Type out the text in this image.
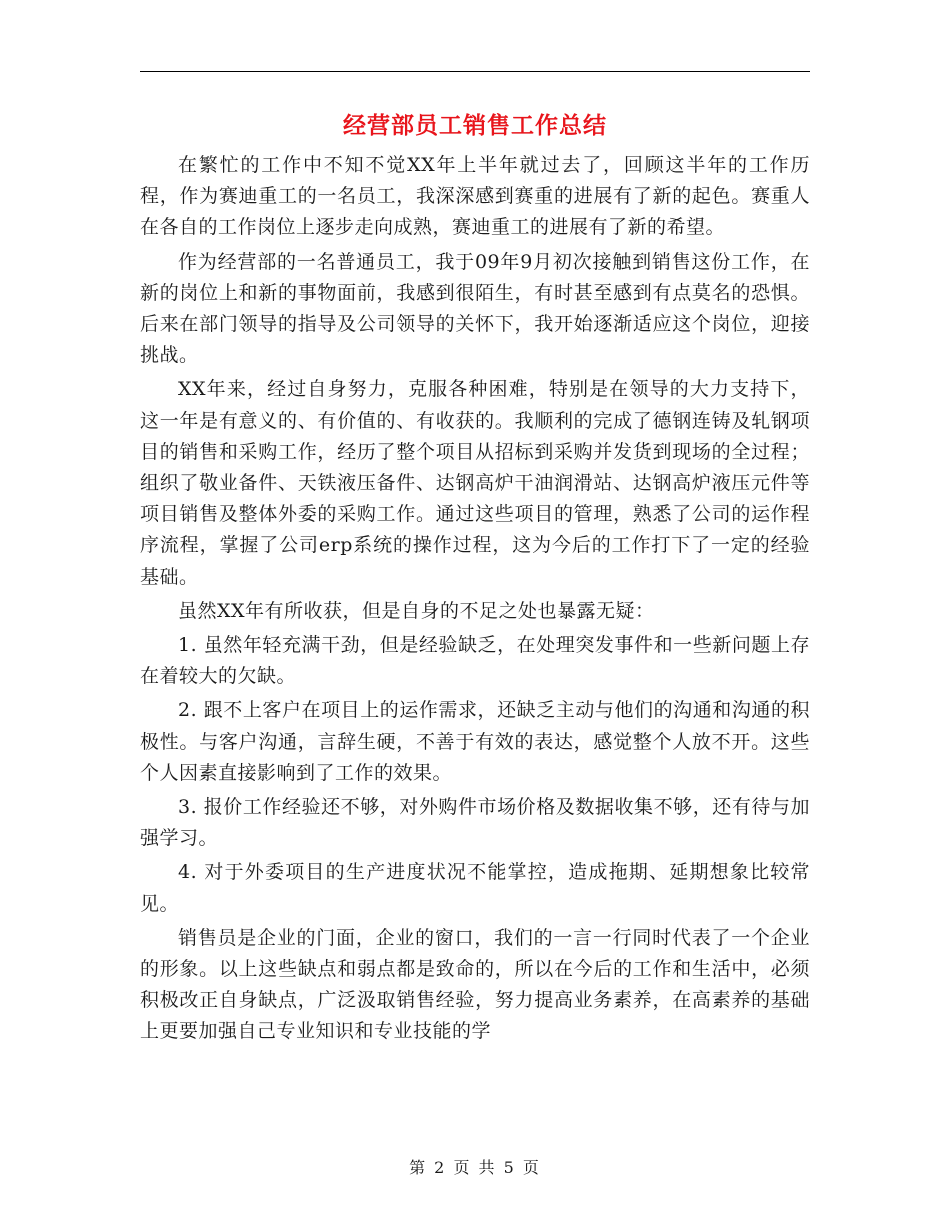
经营部员工销售工作总结

在繁忙的工作中不知不觉XX年上半年就过去了，回顾这半年的工作历程，作为赛迪重工的一名员工，我深深感到赛重的进展有了新的起色。赛重人在各自的工作岗位上逐步走向成熟，赛迪重工的进展有了新的希望。

作为经营部的一名普通员工，我于09年9月初次接触到销售这份工作，在新的岗位上和新的事物面前，我感到很陌生，有时甚至感到有点莫名的恐惧。后来在部门领导的指导及公司领导的关怀下，我开始逐渐适应这个岗位，迎接挑战。

XX年来，经过自身努力，克服各种困难，特别是在领导的大力支持下，这一年是有意义的、有价值的、有收获的。我顺利的完成了德钢连铸及轧钢项目的销售和采购工作，经历了整个项目从招标到采购并发货到现场的全过程；组织了敬业备件、天铁液压备件、达钢高炉干油润滑站、达钢高炉液压元件等项目销售及整体外委的采购工作。通过这些项目的管理，熟悉了公司的运作程序流程，掌握了公司erp系统的操作过程，这为今后的工作打下了一定的经验基础。

虽然XX年有所收获，但是自身的不足之处也暴露无疑：

1. 虽然年轻充满干劲，但是经验缺乏，在处理突发事件和一些新问题上存在着较大的欠缺。

2. 跟不上客户在项目上的运作需求，还缺乏主动与他们的沟通和沟通的积极性。与客户沟通，言辞生硬，不善于有效的表达，感觉整个人放不开。这些个人因素直接影响到了工作的效果。

3. 报价工作经验还不够，对外购件市场价格及数据收集不够，还有待与加强学习。

4. 对于外委项目的生产进度状况不能掌控，造成拖期、延期想象比较常见。

销售员是企业的门面，企业的窗口，我们的一言一行同时代表了一个企业的形象。以上这些缺点和弱点都是致命的，所以在今后的工作和生活中，必须积极改正自身缺点，广泛汲取销售经验，努力提高业务素养，在高素养的基础上更要加强自己专业知识和专业技能的学

第 2 页 共 5 页
